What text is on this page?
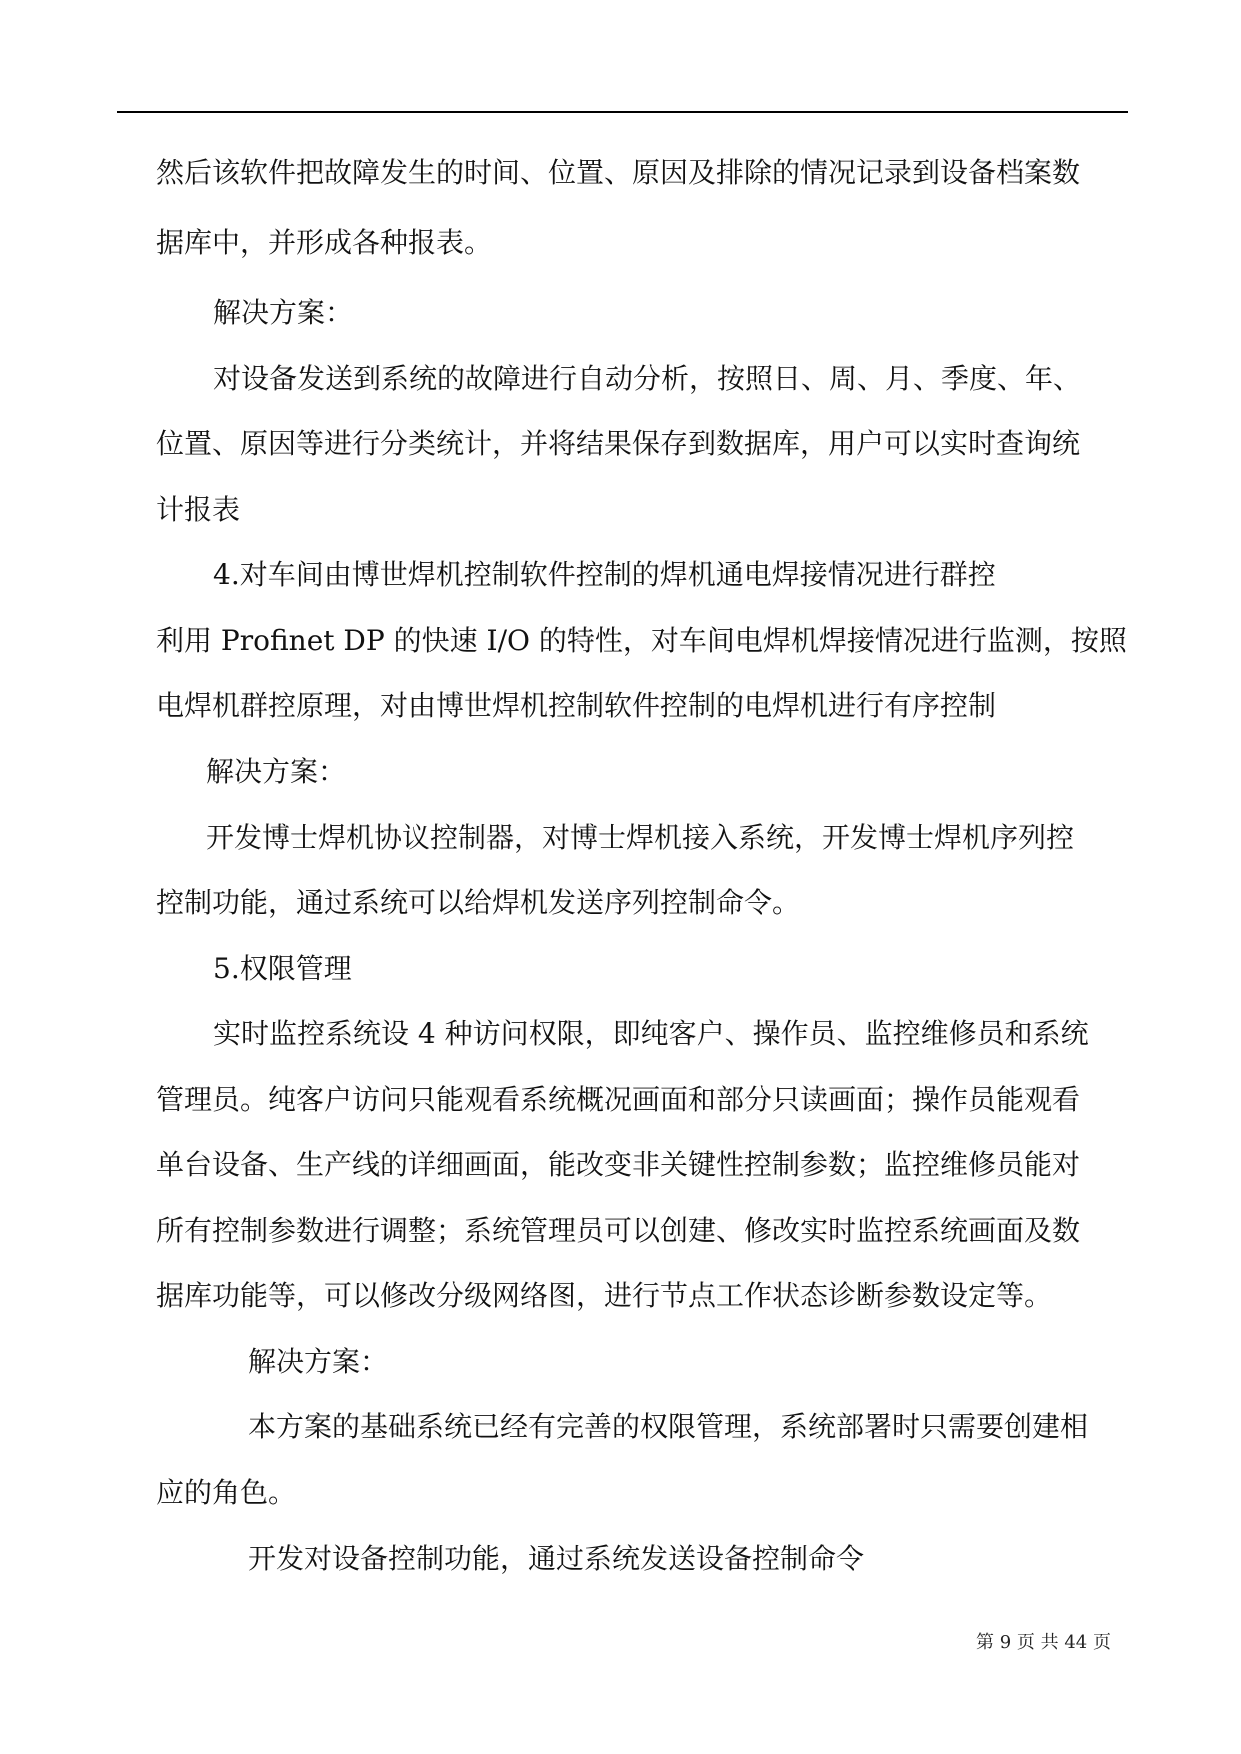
然后该软件把故障发生的时间、位置、原因及排除的情况记录到设备档案数
据库中，并形成各种报表。
解决方案：
对设备发送到系统的故障进行自动分析，按照日、周、月、季度、年、
位置、原因等进行分类统计，并将结果保存到数据库，用户可以实时查询统
计报表
4.对车间由博世焊机控制软件控制的焊机通电焊接情况进行群控
利用 Profinet DP 的快速 I/O 的特性，对车间电焊机焊接情况进行监测，按照
电焊机群控原理，对由博世焊机控制软件控制的电焊机进行有序控制
解决方案：
开发博士焊机协议控制器，对博士焊机接入系统，开发博士焊机序列控
控制功能，通过系统可以给焊机发送序列控制命令。
5.权限管理
实时监控系统设 4 种访问权限，即纯客户、操作员、监控维修员和系统
管理员。纯客户访问只能观看系统概况画面和部分只读画面；操作员能观看
单台设备、生产线的详细画面，能改变非关键性控制参数；监控维修员能对
所有控制参数进行调整；系统管理员可以创建、修改实时监控系统画面及数
据库功能等，可以修改分级网络图，进行节点工作状态诊断参数设定等。
解决方案：
本方案的基础系统已经有完善的权限管理，系统部署时只需要创建相
应的角色。
开发对设备控制功能，通过系统发送设备控制命令
第 9 页 共 44 页
